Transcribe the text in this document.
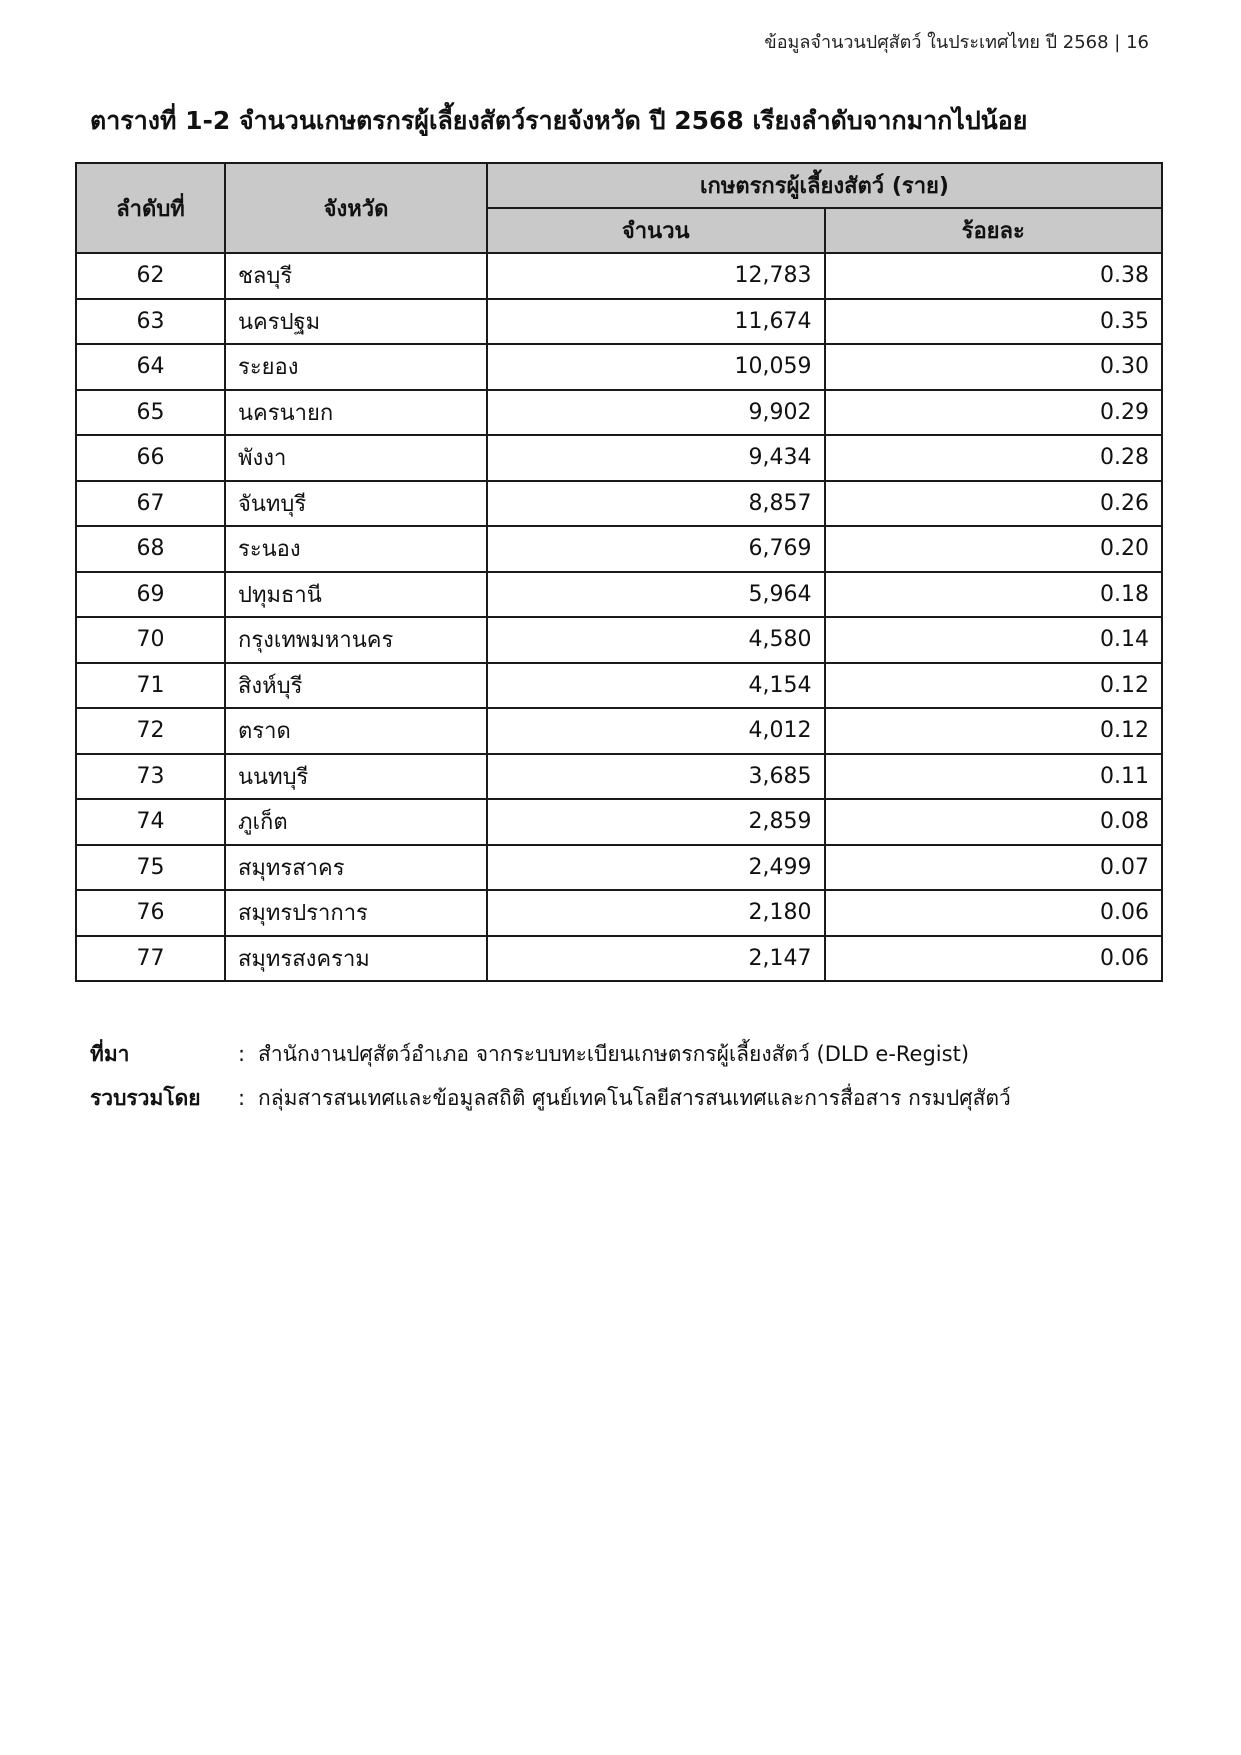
ข้อมูลจำนวนปศุสัตว์ ในประเทศไทย ปี 2568 | 16
ตารางที่ 1-2 จำนวนเกษตรกรผู้เลี้ยงสัตว์รายจังหวัด ปี 2568 เรียงลำดับจากมากไปน้อย
ลำดับที่	จังหวัด	เกษตรกรผู้เลี้ยงสัตว์ (ราย)	
		จำนวน	ร้อยละ
62	ชลบุรี	12,783	0.38
63	นครปฐม	11,674	0.35
64	ระยอง	10,059	0.30
65	นครนายก	9,902	0.29
66	พังงา	9,434	0.28
67	จันทบุรี	8,857	0.26
68	ระนอง	6,769	0.20
69	ปทุมธานี	5,964	0.18
70	กรุงเทพมหานคร	4,580	0.14
71	สิงห์บุรี	4,154	0.12
72	ตราด	4,012	0.12
73	นนทบุรี	3,685	0.11
74	ภูเก็ต	2,859	0.08
75	สมุทรสาคร	2,499	0.07
76	สมุทรปราการ	2,180	0.06
77	สมุทรสงคราม	2,147	0.06
ที่มา	: สำนักงานปศุสัตว์อำเภอ จากระบบทะเบียนเกษตรกรผู้เลี้ยงสัตว์ (DLD e-Regist)
รวบรวมโดย	: กลุ่มสารสนเทศและข้อมูลสถิติ ศูนย์เทคโนโลยีสารสนเทศและการสื่อสาร กรมปศุสัตว์
